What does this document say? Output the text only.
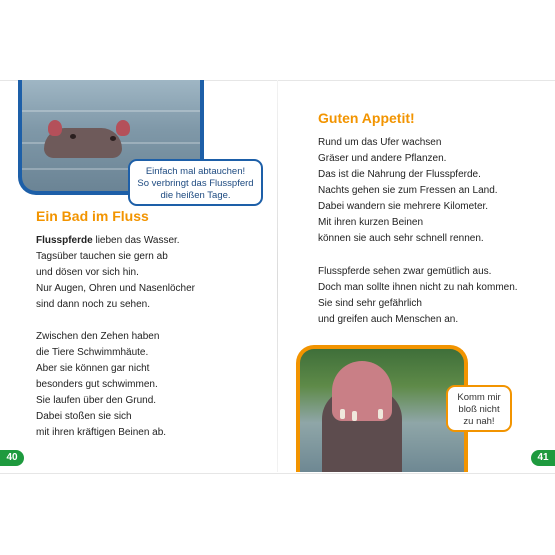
Einfach mal abtauchen!
So verbringt das Flusspferd
die heißen Tage.
Ein Bad im Fluss
Flusspferde lieben das Wasser.
Tagsüber tauchen sie gern ab
und dösen vor sich hin.
Nur Augen, Ohren und Nasenlöcher
sind dann noch zu sehen.
Zwischen den Zehen haben
die Tiere Schwimmhäute.
Aber sie können gar nicht
besonders gut schwimmen.
Sie laufen über den Grund.
Dabei stoßen sie sich
mit ihren kräftigen Beinen ab.
40
Guten Appetit!
Rund um das Ufer wachsen
Gräser und andere Pflanzen.
Das ist die Nahrung der Flusspferde.
Nachts gehen sie zum Fressen an Land.
Dabei wandern sie mehrere Kilometer.
Mit ihren kurzen Beinen
können sie auch sehr schnell rennen.
Flusspferde sehen zwar gemütlich aus.
Doch man sollte ihnen nicht zu nah kommen.
Sie sind sehr gefährlich
und greifen auch Menschen an.
Komm mir
bloß nicht
zu nah!
41
